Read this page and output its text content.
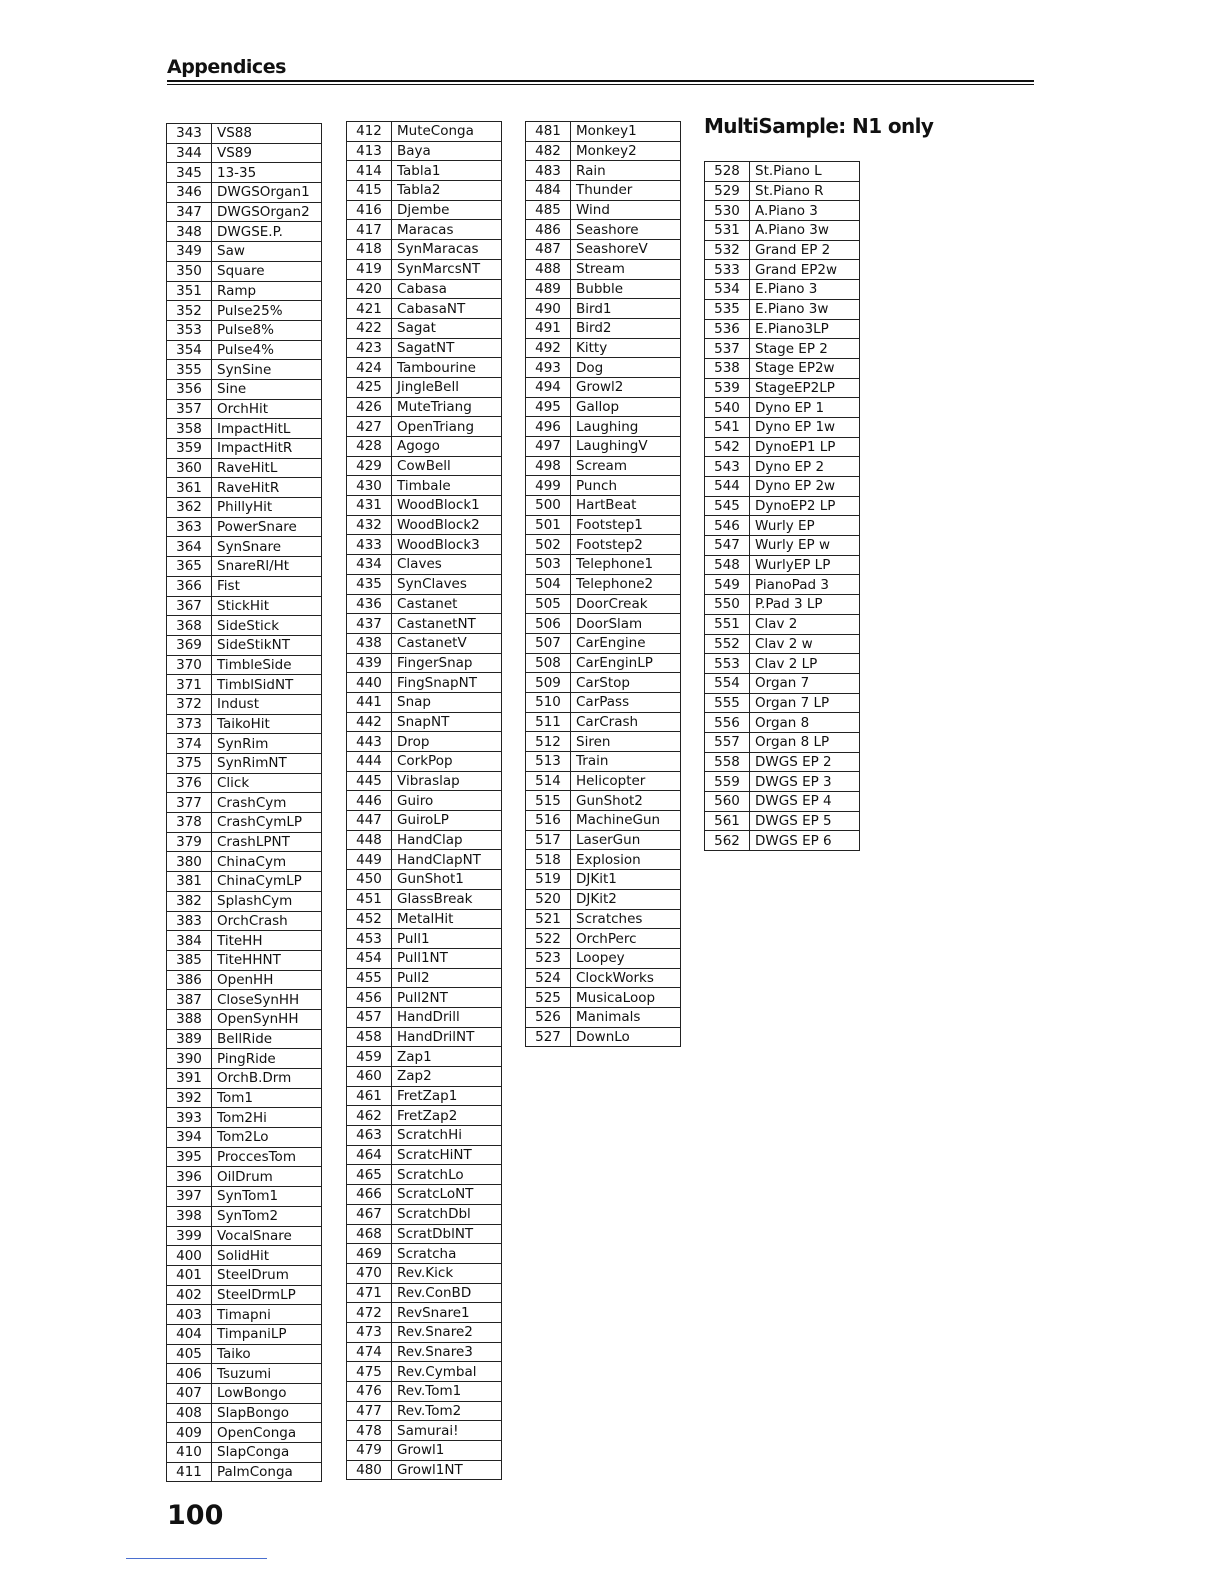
Appendices
343	VS88
344	VS89
345	13-35
346	DWGSOrgan1
347	DWGSOrgan2
348	DWGSE.P.
349	Saw
350	Square
351	Ramp
352	Pulse25%
353	Pulse8%
354	Pulse4%
355	SynSine
356	Sine
357	OrchHit
358	ImpactHitL
359	ImpactHitR
360	RaveHitL
361	RaveHitR
362	PhillyHit
363	PowerSnare
364	SynSnare
365	SnareRl/Ht
366	Fist
367	StickHit
368	SideStick
369	SideStikNT
370	TimbleSide
371	TimblSidNT
372	Indust
373	TaikoHit
374	SynRim
375	SynRimNT
376	Click
377	CrashCym
378	CrashCymLP
379	CrashLPNT
380	ChinaCym
381	ChinaCymLP
382	SplashCym
383	OrchCrash
384	TiteHH
385	TiteHHNT
386	OpenHH
387	CloseSynHH
388	OpenSynHH
389	BellRide
390	PingRide
391	OrchB.Drm
392	Tom1
393	Tom2Hi
394	Tom2Lo
395	ProccesTom
396	OilDrum
397	SynTom1
398	SynTom2
399	VocalSnare
400	SolidHit
401	SteelDrum
402	SteelDrmLP
403	Timapni
404	TimpaniLP
405	Taiko
406	Tsuzumi
407	LowBongo
408	SlapBongo
409	OpenConga
410	SlapConga
411	PalmConga
412	MuteConga
413	Baya
414	Tabla1
415	Tabla2
416	Djembe
417	Maracas
418	SynMaracas
419	SynMarcsNT
420	Cabasa
421	CabasaNT
422	Sagat
423	SagatNT
424	Tambourine
425	JingleBell
426	MuteTriang
427	OpenTriang
428	Agogo
429	CowBell
430	Timbale
431	WoodBlock1
432	WoodBlock2
433	WoodBlock3
434	Claves
435	SynClaves
436	Castanet
437	CastanetNT
438	CastanetV
439	FingerSnap
440	FingSnapNT
441	Snap
442	SnapNT
443	Drop
444	CorkPop
445	Vibraslap
446	Guiro
447	GuiroLP
448	HandClap
449	HandClapNT
450	GunShot1
451	GlassBreak
452	MetalHit
453	Pull1
454	Pull1NT
455	Pull2
456	Pull2NT
457	HandDrill
458	HandDrilNT
459	Zap1
460	Zap2
461	FretZap1
462	FretZap2
463	ScratchHi
464	ScratcHiNT
465	ScratchLo
466	ScratcLoNT
467	ScratchDbl
468	ScratDblNT
469	Scratcha
470	Rev.Kick
471	Rev.ConBD
472	RevSnare1
473	Rev.Snare2
474	Rev.Snare3
475	Rev.Cymbal
476	Rev.Tom1
477	Rev.Tom2
478	Samurai!
479	Growl1
480	Growl1NT
481	Monkey1
482	Monkey2
483	Rain
484	Thunder
485	Wind
486	Seashore
487	SeashoreV
488	Stream
489	Bubble
490	Bird1
491	Bird2
492	Kitty
493	Dog
494	Growl2
495	Gallop
496	Laughing
497	LaughingV
498	Scream
499	Punch
500	HartBeat
501	Footstep1
502	Footstep2
503	Telephone1
504	Telephone2
505	DoorCreak
506	DoorSlam
507	CarEngine
508	CarEnginLP
509	CarStop
510	CarPass
511	CarCrash
512	Siren
513	Train
514	Helicopter
515	GunShot2
516	MachineGun
517	LaserGun
518	Explosion
519	DJKit1
520	DJKit2
521	Scratches
522	OrchPerc
523	Loopey
524	ClockWorks
525	MusicaLoop
526	Manimals
527	DownLo
MultiSample: N1 only
528	St.Piano L
529	St.Piano R
530	A.Piano 3
531	A.Piano 3w
532	Grand EP 2
533	Grand EP2w
534	E.Piano 3
535	E.Piano 3w
536	E.Piano3LP
537	Stage EP 2
538	Stage EP2w
539	StageEP2LP
540	Dyno EP 1
541	Dyno EP 1w
542	DynoEP1 LP
543	Dyno EP 2
544	Dyno EP 2w
545	DynoEP2 LP
546	Wurly EP
547	Wurly EP w
548	WurlyEP LP
549	PianoPad 3
550	P.Pad 3 LP
551	Clav 2
552	Clav 2 w
553	Clav 2 LP
554	Organ 7
555	Organ 7 LP
556	Organ 8
557	Organ 8 LP
558	DWGS EP 2
559	DWGS EP 3
560	DWGS EP 4
561	DWGS EP 5
562	DWGS EP 6
100
